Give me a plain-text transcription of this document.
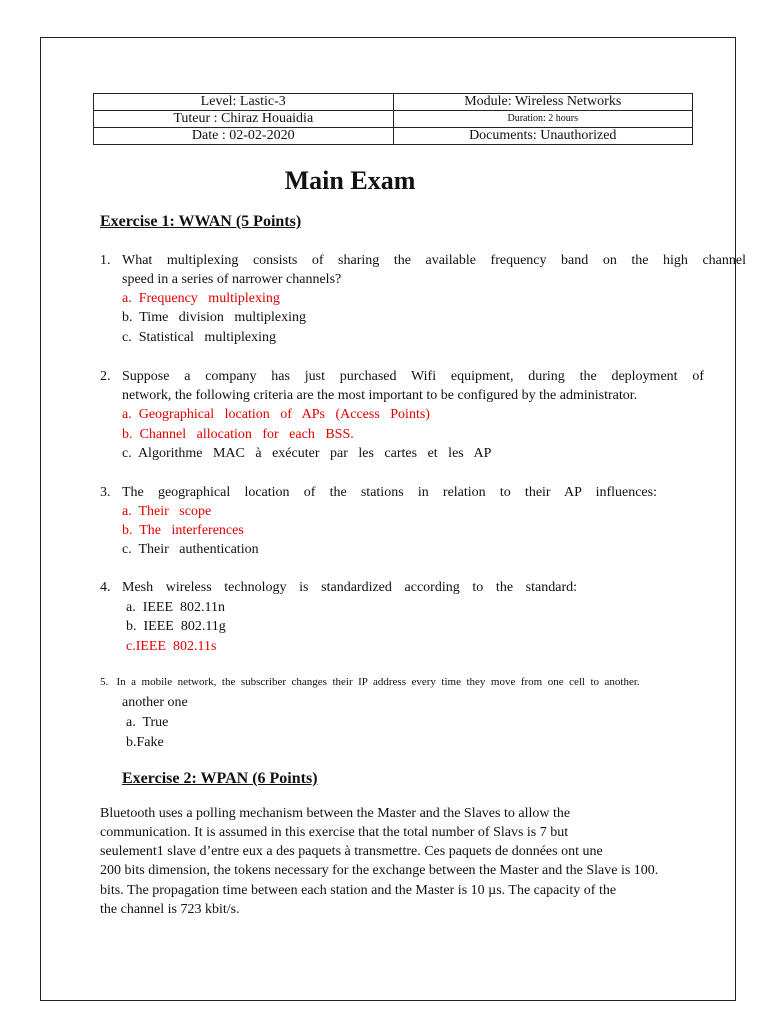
Level: Lastic-3	Module: Wireless Networks
Tuteur : Chiraz Houaidia	Duration: 2 hours
Date : 02-02-2020	Documents: Unauthorized
Main Exam
Exercise 1: WWAN (5 Points)
1. What multiplexing consists of sharing the available frequency band on the high channel
speed in a series of narrower channels?
a.  Frequency   multiplexing
b.  Time   division   multiplexing
c.  Statistical   multiplexing
2. Suppose a company has just purchased Wifi equipment, during the deployment of
network, the following criteria are the most important to be configured by the administrator.
a.  Geographical   location   of   APs   (Access   Points)
b.  Channel   allocation   for   each   BSS.
c.  Algorithme   MAC   à   exécuter   par   les   cartes   et   les   AP
3. The geographical location of the stations in relation to their AP influences:
a.  Their   scope
b.  The   interferences
c.  Their   authentication
4. Mesh wireless technology is standardized according to the standard:
a.  IEEE  802.11n
b.  IEEE  802.11g
c.IEEE  802.11s
5.   In  a  mobile  network,  the  subscriber  changes  their  IP  address  every  time  they  move  from  one  cell  to  another.
another one
a.  True
b.Fake
Exercise 2: WPAN (6 Points)
Bluetooth uses a polling mechanism between the Master and the Slaves to allow the
communication. It is assumed in this exercise that the total number of Slavs is 7 but
seulement1 slave d’entre eux a des paquets à transmettre. Ces paquets de données ont une
200 bits dimension, the tokens necessary for the exchange between the Master and the Slave is 100.
bits. The propagation time between each station and the Master is 10 µs. The capacity of the
the channel is 723 kbit/s.
